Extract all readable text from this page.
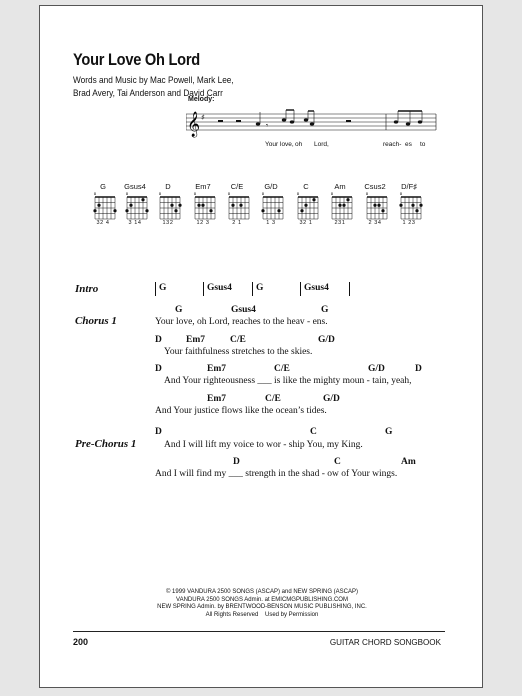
Your Love Oh Lord
Words and Music by Mac Powell, Mark Lee,
Brad Avery, Tai Anderson and David Carr
Melody:
𝄞 ♯
𝄾
Your love, oh Lord,	reach- es to
G
o
32 4
Gsus4
o
3 14
D
o
132
Em7
o
12 3
C/E
o
2 1
G/D
o
1 3
C
o
32 1
Am
o
231
Csus2
o
2 34
D/F♯
o
1 23
Intro	G	Gsus4	G	Gsus4
Chorus 1
G	Gsus4	G
Your love, oh Lord, reaches to the heav - ens.
D	Em7	C/E	G/D
Your faithfulness stretches to the skies.
D	Em7	C/E	G/D	D
And Your righteousness ___ is like the mighty moun - tain, yeah,
Em7	C/E	G/D
And Your justice flows like the ocean’s tides.
D	C	G
Pre-Chorus 1	And I will lift my voice to wor - ship You, my King.
D	C	Am
And I will find my ___ strength in the shad - ow of Your wings.
© 1999 VANDURA 2500 SONGS (ASCAP) and NEW SPRING (ASCAP)
VANDURA 2500 SONGS Admin. at EMICMGPUBLISHING.COM
NEW SPRING Admin. by BRENTWOOD-BENSON MUSIC PUBLISHING, INC.
All Rights Reserved    Used by Permission
200	GUITAR CHORD SONGBOOK
